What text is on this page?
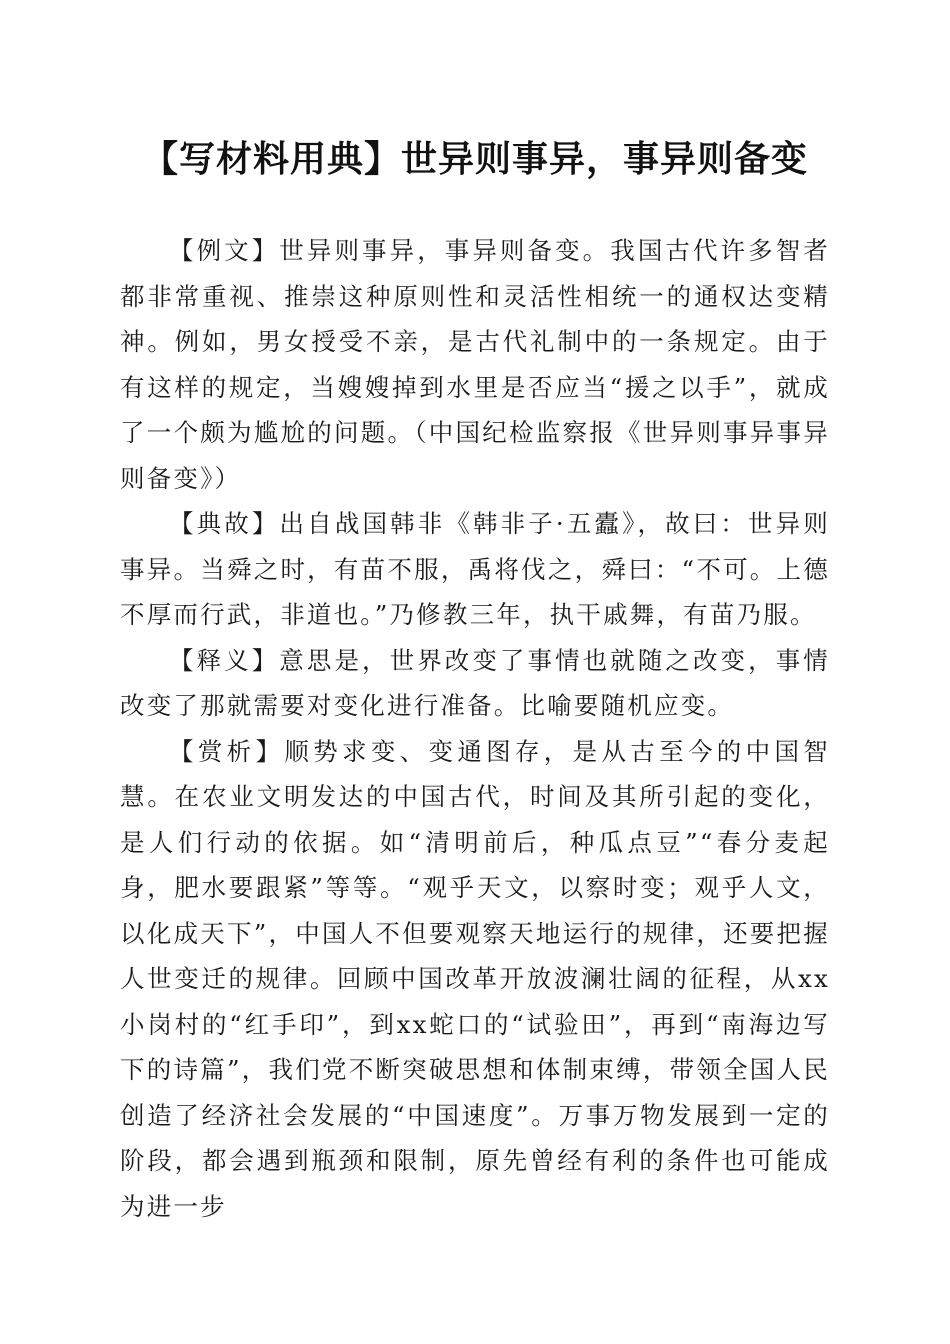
【写材料用典】世异则事异，事异则备变

【例文】世异则事异，事异则备变。我国古代许多智者都非常重视、推崇这种原则性和灵活性相统一的通权达变精神。例如，男女授受不亲，是古代礼制中的一条规定。由于有这样的规定，当嫂嫂掉到水里是否应当“援之以手”，就成了一个颇为尴尬的问题。（中国纪检监察报《世异则事异事异则备变》）

【典故】出自战国韩非《韩非子·五蠹》，故曰：世异则事异。当舜之时，有苗不服，禹将伐之，舜曰：“不可。上德不厚而行武，非道也。”乃修教三年，执干戚舞，有苗乃服。

【释义】意思是，世界改变了事情也就随之改变，事情改变了那就需要对变化进行准备。比喻要随机应变。

【赏析】顺势求变、变通图存，是从古至今的中国智慧。在农业文明发达的中国古代，时间及其所引起的变化，是人们行动的依据。如“清明前后，种瓜点豆”“春分麦起身，肥水要跟紧”等等。“观乎天文，以察时变；观乎人文，以化成天下”，中国人不但要观察天地运行的规律，还要把握人世变迁的规律。回顾中国改革开放波澜壮阔的征程，从xx小岗村的“红手印”，到xx蛇口的“试验田”，再到“南海边写下的诗篇”，我们党不断突破思想和体制束缚，带领全国人民创造了经济社会发展的“中国速度”。万事万物发展到一定的阶段，都会遇到瓶颈和限制，原先曾经有利的条件也可能成为进一步
